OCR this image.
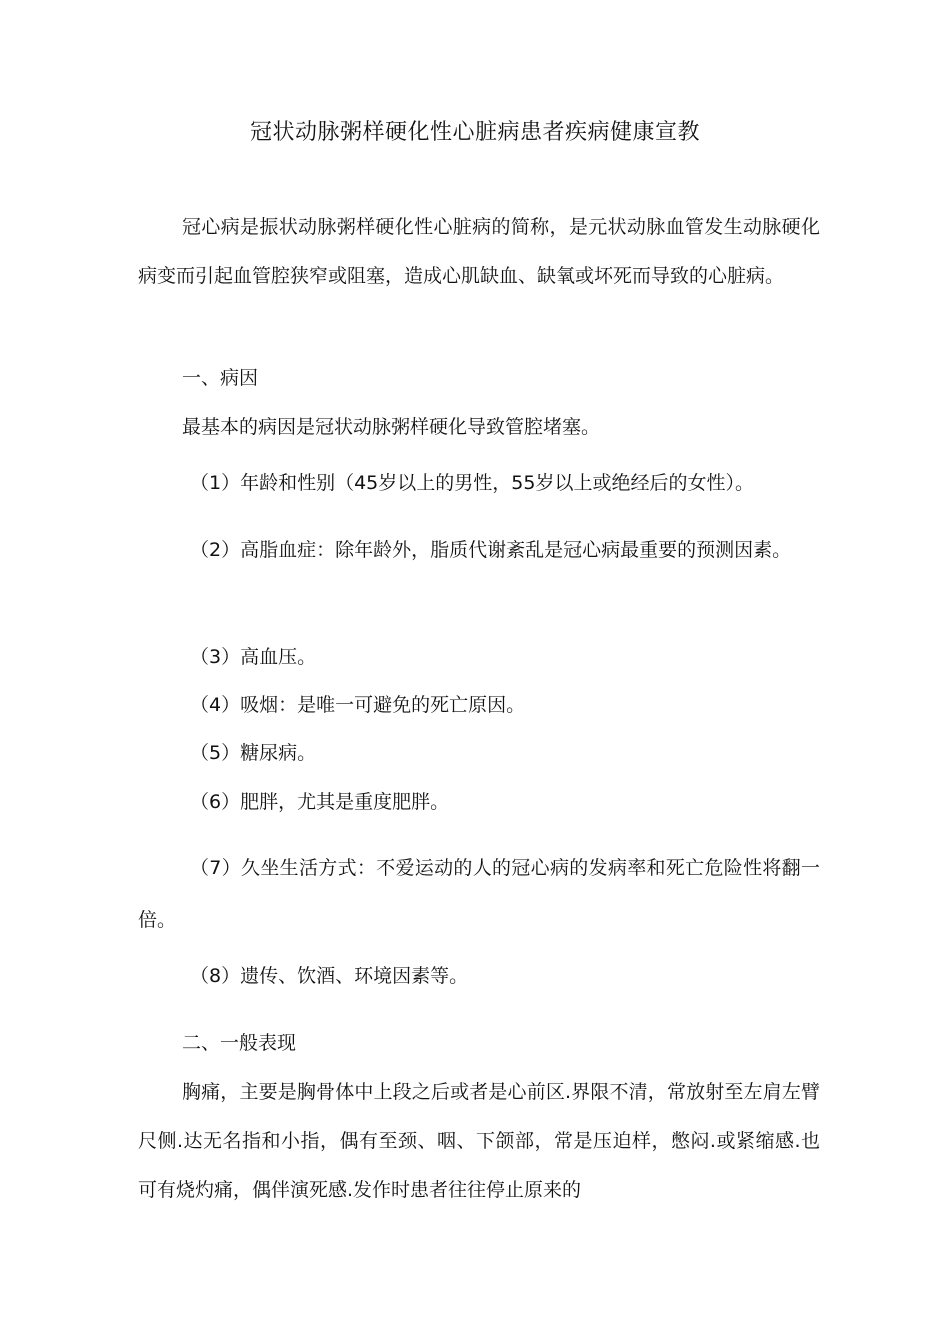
冠状动脉粥样硬化性心脏病患者疾病健康宣教

冠心病是振状动脉粥样硬化性心脏病的简称，是元状动脉血管发生动脉硬化病变而引起血管腔狭窄或阻塞，造成心肌缺血、缺氧或坏死而导致的心脏病。

一、病因

最基本的病因是冠状动脉粥样硬化导致管腔堵塞。

（1）年龄和性别（45岁以上的男性，55岁以上或绝经后的女性）。

（2）高脂血症：除年龄外，脂质代谢紊乱是冠心病最重要的预测因素。

（3）高血压。

（4）吸烟：是唯一可避免的死亡原因。

（5）糖尿病。

（6）肥胖，尤其是重度肥胖。

（7）久坐生活方式：不爱运动的人的冠心病的发病率和死亡危险性将翻一倍。

（8）遗传、饮酒、环境因素等。

二、一般表现

胸痛，主要是胸骨体中上段之后或者是心前区.界限不清，常放射至左肩左臂尺侧.达无名指和小指，偶有至颈、咽、下颌部，常是压迫样，憋闷.或紧缩感.也可有烧灼痛，偶伴演死感.发作时患者往往停止原来的
